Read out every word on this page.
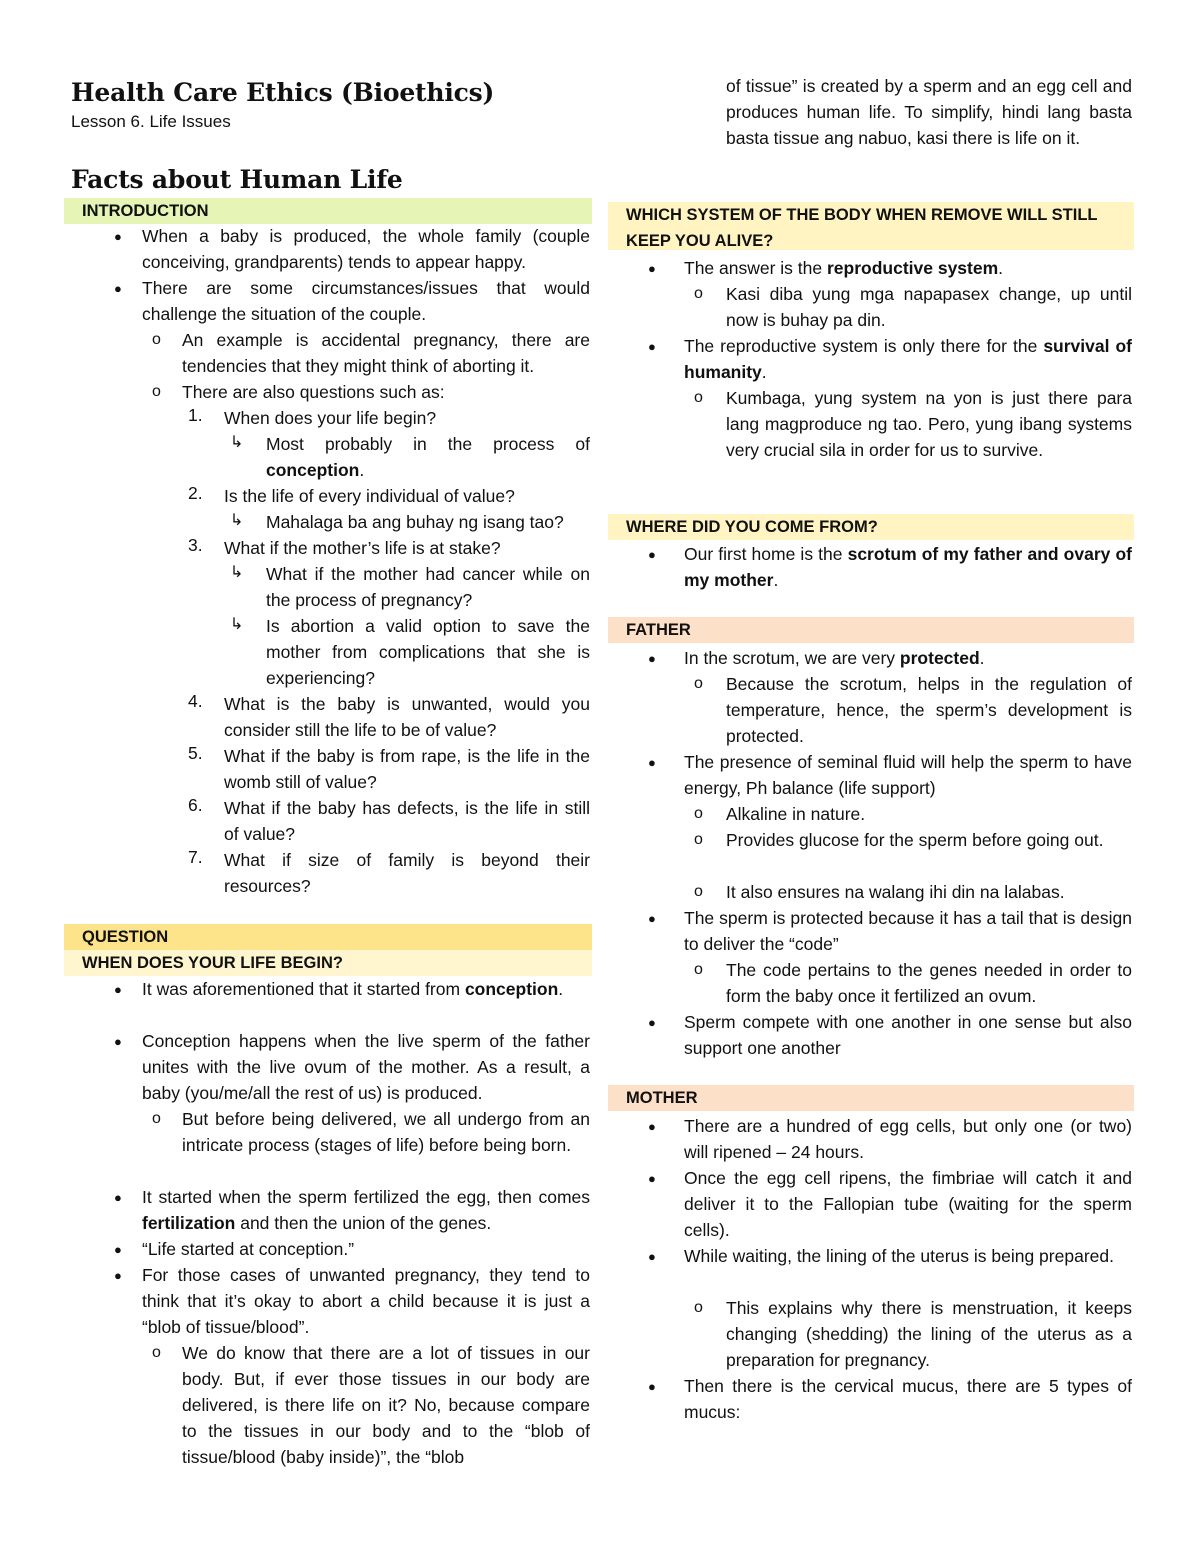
Health Care Ethics (Bioethics)
Lesson 6. Life Issues
Facts about Human Life
INTRODUCTION
● When a baby is produced, the whole family (couple conceiving, grandparents) tends to appear happy.
● There are some circumstances/issues that would challenge the situation of the couple.
o An example is accidental pregnancy, there are tendencies that they might think of aborting it.
o There are also questions such as:
1. When does your life begin?
↳ Most probably in the process of conception.
2. Is the life of every individual of value?
↳ Mahalaga ba ang buhay ng isang tao?
3. What if the mother’s life is at stake?
↳ What if the mother had cancer while on the process of pregnancy?
↳ Is abortion a valid option to save the mother from complications that she is experiencing?
4. What is the baby is unwanted, would you consider still the life to be of value?
5. What if the baby is from rape, is the life in the womb still of value?
6. What if the baby has defects, is the life in still of value?
7. What if size of family is beyond their resources?
QUESTION
WHEN DOES YOUR LIFE BEGIN?
● It was aforementioned that it started from conception.
● Conception happens when the live sperm of the father unites with the live ovum of the mother. As a result, a baby (you/me/all the rest of us) is produced.
o But before being delivered, we all undergo from an intricate process (stages of life) before being born.
● It started when the sperm fertilized the egg, then comes fertilization and then the union of the genes.
● “Life started at conception.”
● For those cases of unwanted pregnancy, they tend to think that it’s okay to abort a child because it is just a “blob of tissue/blood”.
o We do know that there are a lot of tissues in our body. But, if ever those tissues in our body are delivered, is there life on it? No, because compare to the tissues in our body and to the “blob of tissue/blood (baby inside)”, the “blob
of tissue” is created by a sperm and an egg cell and produces human life. To simplify, hindi lang basta basta tissue ang nabuo, kasi there is life on it.
WHICH SYSTEM OF THE BODY WHEN REMOVE WILL STILL KEEP YOU ALIVE?
● The answer is the reproductive system.
o Kasi diba yung mga napapasex change, up until now is buhay pa din.
● The reproductive system is only there for the survival of humanity.
o Kumbaga, yung system na yon is just there para lang magproduce ng tao. Pero, yung ibang systems very crucial sila in order for us to survive.
WHERE DID YOU COME FROM?
● Our first home is the scrotum of my father and ovary of my mother.
FATHER
● In the scrotum, we are very protected.
o Because the scrotum, helps in the regulation of temperature, hence, the sperm’s development is protected.
● The presence of seminal fluid will help the sperm to have energy, Ph balance (life support)
o Alkaline in nature.
o Provides glucose for the sperm before going out.
o It also ensures na walang ihi din na lalabas.
● The sperm is protected because it has a tail that is design to deliver the “code”
o The code pertains to the genes needed in order to form the baby once it fertilized an ovum.
● Sperm compete with one another in one sense but also support one another
MOTHER
● There are a hundred of egg cells, but only one (or two) will ripened – 24 hours.
● Once the egg cell ripens, the fimbriae will catch it and deliver it to the Fallopian tube (waiting for the sperm cells).
● While waiting, the lining of the uterus is being prepared.
o This explains why there is menstruation, it keeps changing (shedding) the lining of the uterus as a preparation for pregnancy.
● Then there is the cervical mucus, there are 5 types of mucus:
